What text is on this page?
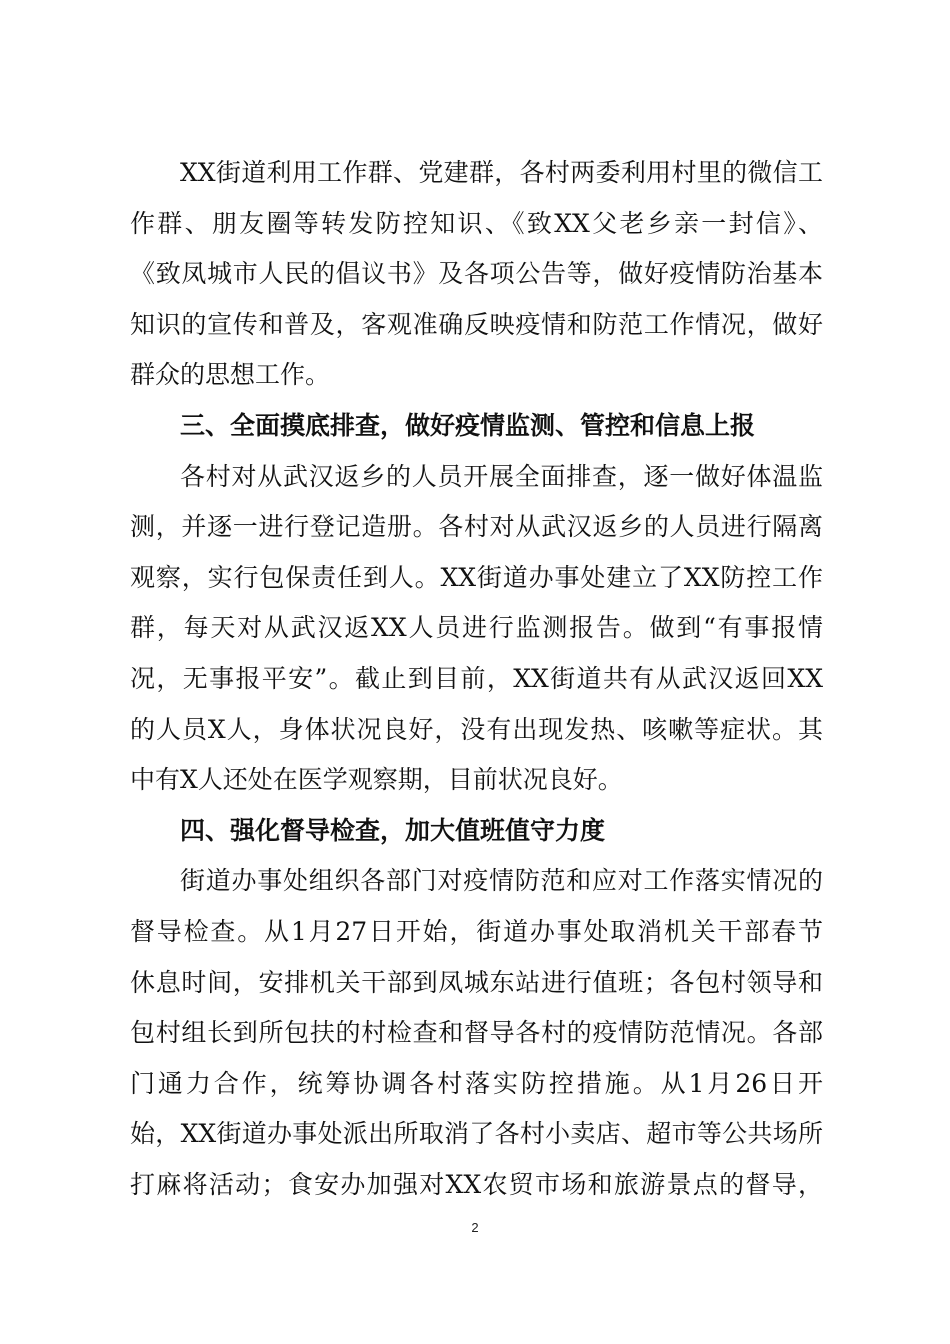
XX街道利用工作群、党建群，各村两委利用村里的微信工
作群、朋友圈等转发防控知识、《致XX父老乡亲一封信》、
《致凤城市人民的倡议书》及各项公告等，做好疫情防治基本
知识的宣传和普及，客观准确反映疫情和防范工作情况，做好
群众的思想工作。
三、全面摸底排查，做好疫情监测、管控和信息上报
各村对从武汉返乡的人员开展全面排查，逐一做好体温监
测，并逐一进行登记造册。各村对从武汉返乡的人员进行隔离
观察，实行包保责任到人。XX街道办事处建立了XX防控工作
群，每天对从武汉返XX人员进行监测报告。做到“有事报情
况，无事报平安”。截止到目前，XX街道共有从武汉返回XX
的人员X人，身体状况良好，没有出现发热、咳嗽等症状。其
中有X人还处在医学观察期，目前状况良好。
四、强化督导检查，加大值班值守力度
街道办事处组织各部门对疫情防范和应对工作落实情况的
督导检查。从1月27日开始，街道办事处取消机关干部春节
休息时间，安排机关干部到凤城东站进行值班；各包村领导和
包村组长到所包扶的村检查和督导各村的疫情防范情况。各部
门通力合作，统筹协调各村落实防控措施。从1月26日开
始，XX街道办事处派出所取消了各村小卖店、超市等公共场所
打麻将活动；食安办加强对XX农贸市场和旅游景点的督导，
2
